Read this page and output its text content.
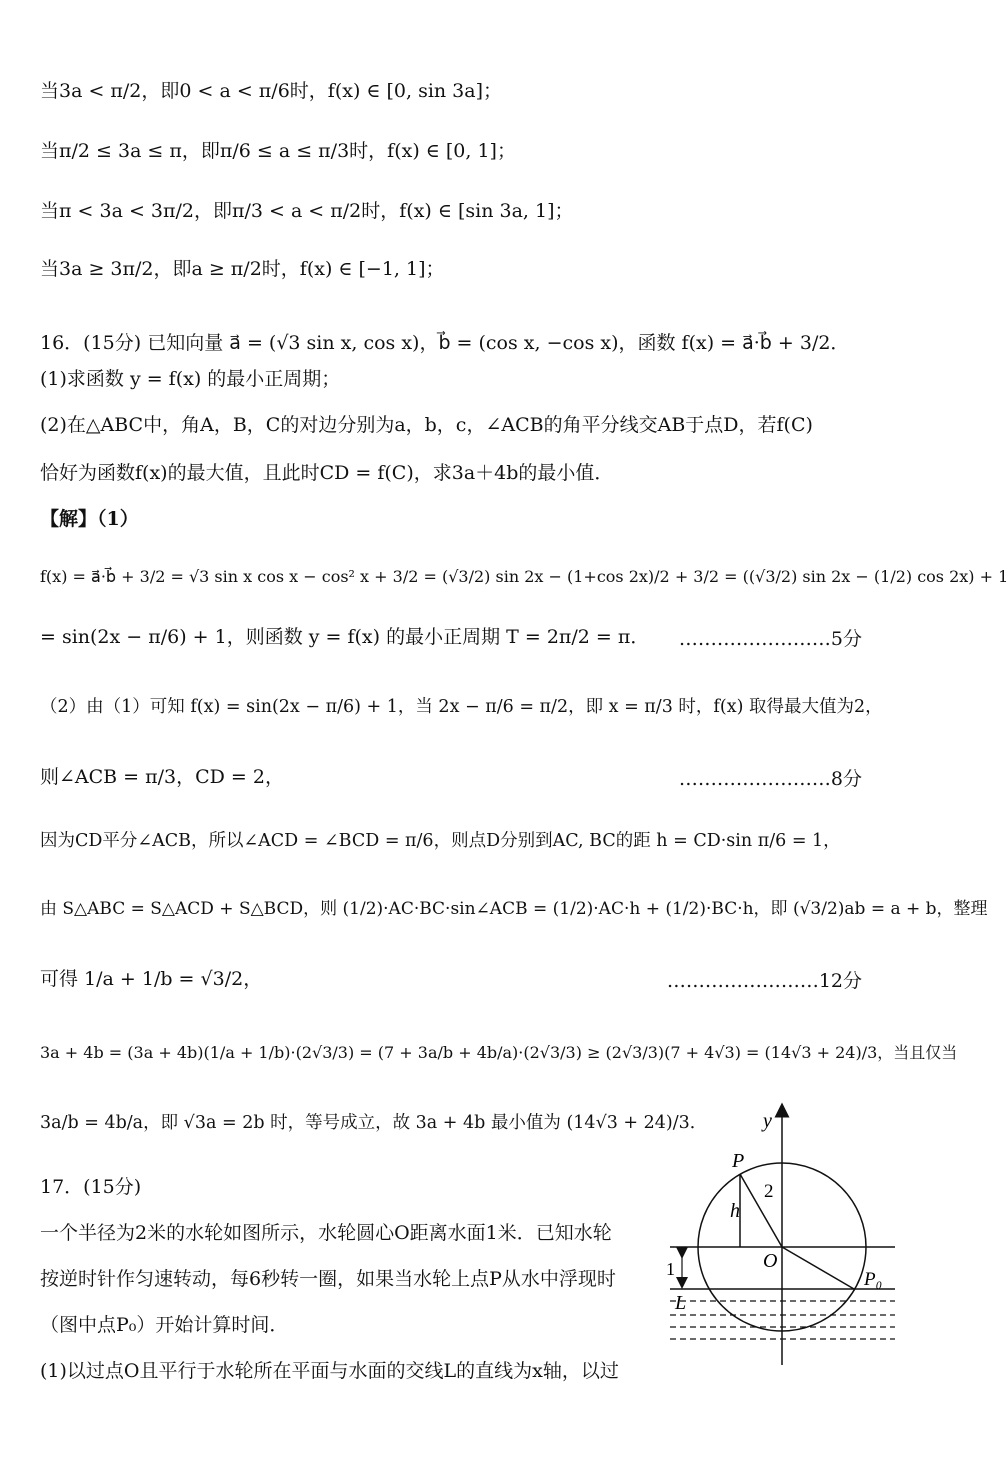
当3a < π/2，即0 < a < π/6时，f(x) ∈ [0, sin 3a]；
当π/2 ≤ 3a ≤ π，即π/6 ≤ a ≤ π/3时，f(x) ∈ [0, 1]；
当π < 3a < 3π/2，即π/3 < a < π/2时，f(x) ∈ [sin 3a, 1]；
当3a ≥ 3π/2，即a ≥ π/2时，f(x) ∈ [−1, 1]；
16．(15分) 已知向量 a⃗ = (√3 sin x, cos x)，b⃗ = (cos x, −cos x)，函数 f(x) = a⃗·b⃗ + 3/2．
(1)求函数 y = f(x) 的最小正周期；
(2)在△ABC中，角A，B，C的对边分别为a，b，c，∠ACB的角平分线交AB于点D，若f(C)
恰好为函数f(x)的最大值，且此时CD = f(C)，求3a＋4b的最小值．
【解】（1）
f(x) = a⃗·b⃗ + 3/2 = √3 sin x cos x − cos² x + 3/2 = (√3/2) sin 2x − (1+cos 2x)/2 + 3/2 = ((√3/2) sin 2x − (1/2) cos 2x) + 1
= sin(2x − π/6) + 1，则函数 y = f(x) 的最小正周期 T = 2π/2 = π． ……………………5分
（2）由（1）可知 f(x) = sin(2x − π/6) + 1，当 2x − π/6 = π/2，即 x = π/3 时，f(x) 取得最大值为2，
则∠ACB = π/3，CD = 2，	……………………8分
因为CD平分∠ACB，所以∠ACD = ∠BCD = π/6，则点D分别到AC, BC的距 h = CD·sin π/6 = 1，
由 S△ABC = S△ACD + S△BCD，则 (1/2)·AC·BC·sin∠ACB = (1/2)·AC·h + (1/2)·BC·h，即 (√3/2)ab = a + b，整理
可得 1/a + 1/b = √3/2，	……………………12分
3a + 4b = (3a + 4b)(1/a + 1/b)·(2√3/3) = (7 + 3a/b + 4b/a)·(2√3/3) ≥ (2√3/3)(7 + 4√3) = (14√3 + 24)/3，当且仅当
3a/b = 4b/a，即 √3a = 2b 时，等号成立，故 3a + 4b 最小值为 (14√3 + 24)/3．
17．(15分)
一个半径为2米的水轮如图所示，水轮圆心O距离水面1米．已知水轮
按逆时针作匀速转动，每6秒转一圈，如果当水轮上点P从水中浮现时
（图中点P₀）开始计算时间．
(1)以过点O且平行于水轮所在平面与水面的交线L的直线为x轴，以过
y
P
2
h
O
1	P₀
L
